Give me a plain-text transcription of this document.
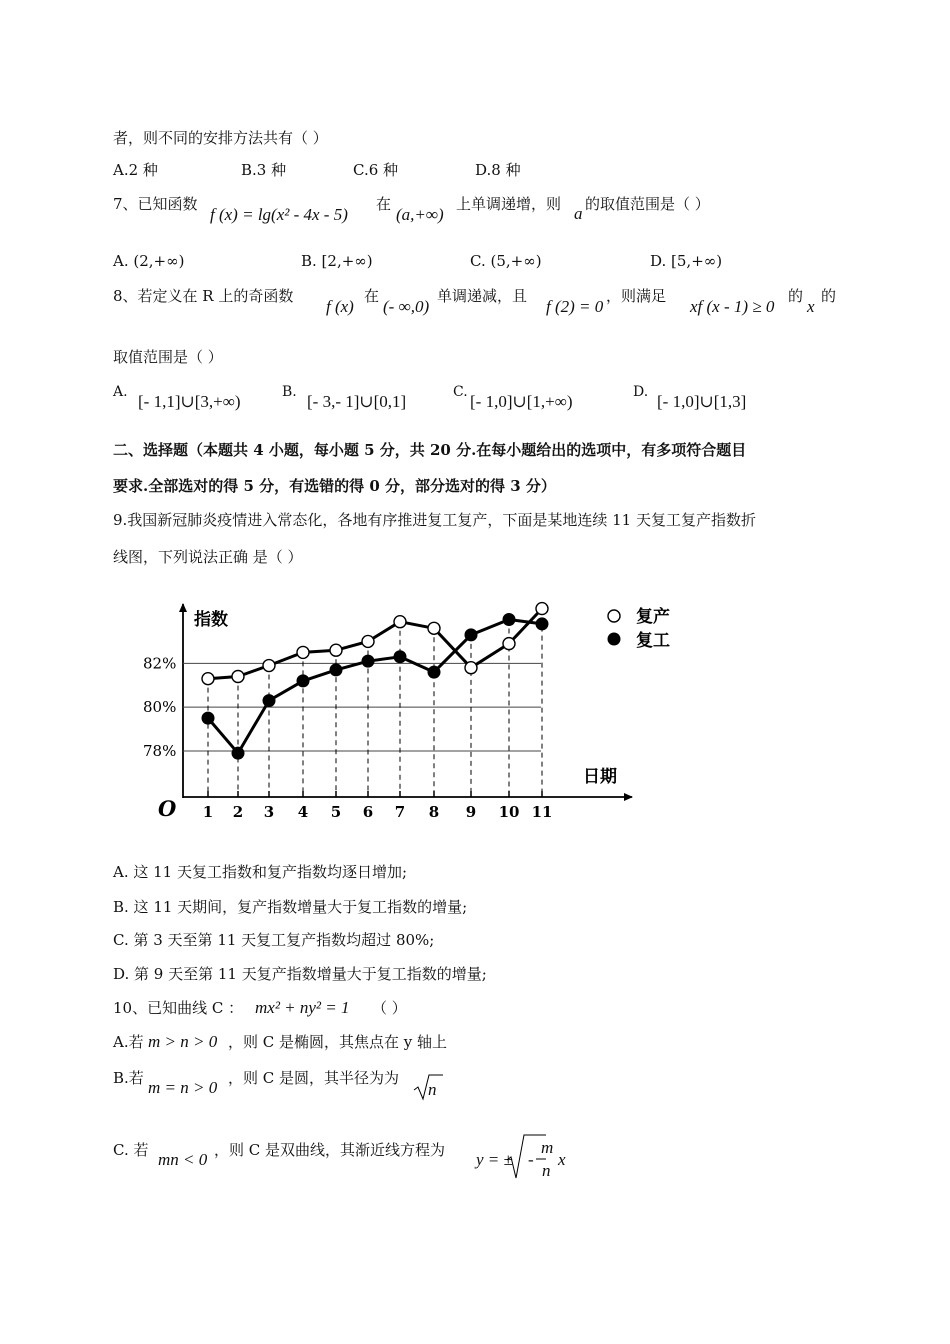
者，则不同的安排方法共有（ ）
A.2 种	B.3 种	C.6 种	D.8 种
7、已知函数
f (x) = lg(x² - 4x - 5)
在
(a,+∞)
上单调递增，则 a 的取值范围是（ ）
A. (2,+∞)	B. [2,+∞)	C. (5,+∞)	D. [5,+∞)
8、若定义在 R 上的奇函数
f (x)
在
(- ∞,0)
单调递减，且
f (2) = 0
，则满足
xf (x - 1) ≥ 0
的
x
的
取值范围是（ ）
A. [- 1,1]∪[3,+∞)	B. [- 3,- 1]∪[0,1]	C. [- 1,0]∪[1,+∞)	D. [- 1,0]∪[1,3]
二、选择题（本题共 4 小题，每小题 5 分，共 20 分.在每小题给出的选项中，有多项符合题目
要求.全部选对的得 5 分，有选错的得 0 分，部分选对的得 3 分）
9.我国新冠肺炎疫情进入常态化，各地有序推进复工复产，下面是某地连续 11 天复工复产指数折
线图，下列说法正确 是（ ）
指数
日期
O
复产
复工
82%
80%
78%
1 2 3 4 5 6 7 8 9 10 11
A. 这 11 天复工指数和复产指数均逐日增加;
B. 这 11 天期间，复产指数增量大于复工指数的增量;
C. 第 3 天至第 11 天复工复产指数均超过 80%;
D. 第 9 天至第 11 天复产指数增量大于复工指数的增量;
10、已知曲线 C ： mx² + ny² = 1 （ ）
A.若 m > n > 0 ，则 C 是椭圆，其焦点在 y 轴上
B.若 m = n > 0 ，则 C 是圆，其半径为为
n
C. 若 mn < 0 ，则 C 是双曲线，其渐近线方程为 y = ± -
m
n
x
